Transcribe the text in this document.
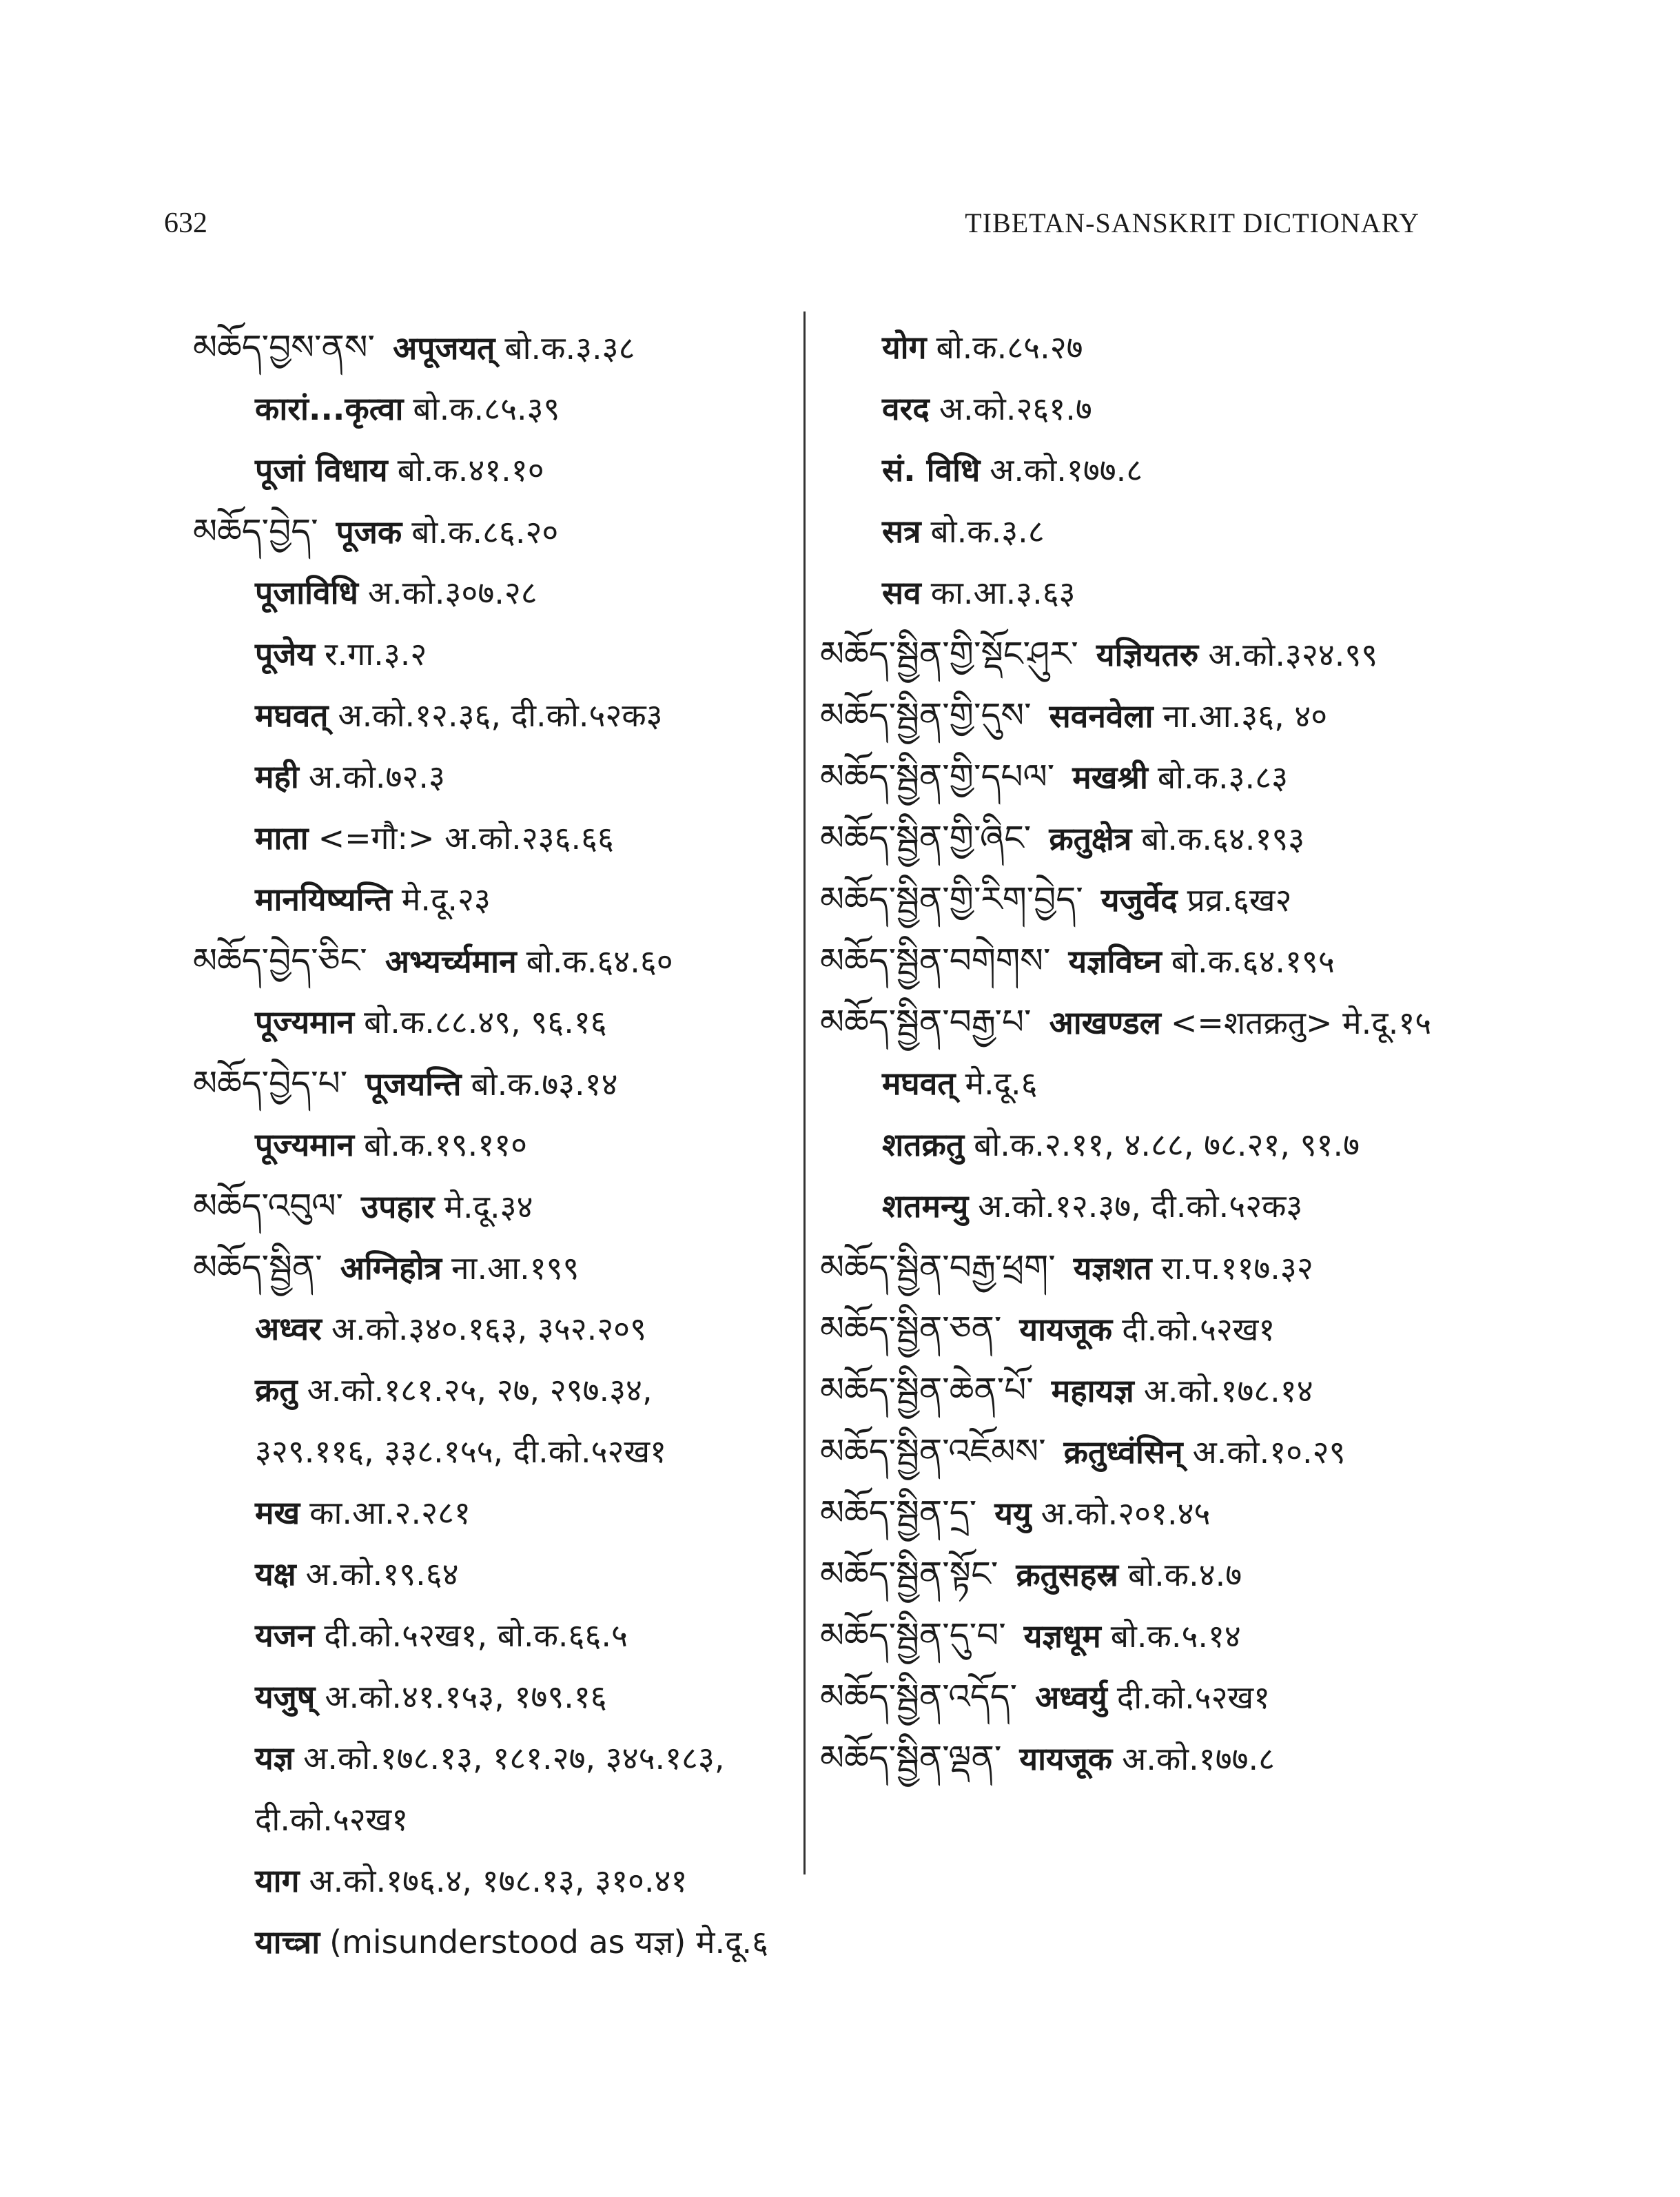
632	TIBETAN-SANSKRIT DICTIONARY
མཆོད་བྱས་ནས་ अपूजयत् बो.क.३.३८
कारां...कृत्वा बो.क.८५.३९
पूजां विधाय बो.क.४१.१०
མཆོད་བྱེད་ पूजक बो.क.८६.२०
पूजाविधि अ.को.३०७.२८
पूजेय र.गा.३.२
मघवत् अ.को.१२.३६, दी.को.५२क३
मही अ.को.७२.३
माता <=गौ:> अ.को.२३६.६६
मानयिष्यन्ति मे.दू.२३
མཆོད་བྱེད་ཅིང་ अभ्यर्च्यमान बो.क.६४.६०
पूज्यमान बो.क.८८.४९, ९६.१६
མཆོད་བྱེད་པ་ पूजयन्ति बो.क.७३.१४
पूज्यमान बो.क.१९.११०
མཆོད་འབུལ་ उपहार मे.दू.३४
མཆོད་སྦྱིན་ अग्निहोत्र ना.आ.१९९
अध्वर अ.को.३४०.१६३, ३५२.२०९
क्रतु अ.को.१८१.२५, २७, २९७.३४,
३२९.११६, ३३८.१५५, दी.को.५२ख१
मख का.आ.२.२८१
यक्ष अ.को.१९.६४
यजन दी.को.५२ख१, बो.क.६६.५
यजुष् अ.को.४१.१५३, १७९.१६
यज्ञ अ.को.१७८.१३, १८१.२७, ३४५.१८३,
दी.को.५२ख१
याग अ.को.१७६.४, १७८.१३, ३१०.४१
याच्त्रा (misunderstood as यज्ञ) मे.दू.६
योग बो.क.८५.२७
वरद अ.को.२६१.७
सं. विधि अ.को.१७७.८
सत्र बो.क.३.८
सव का.आ.३.६३
མཆོད་སྦྱིན་གྱི་སྡོང་ཤུར་ यज्ञियतरु अ.को.३२४.९९
མཆོད་སྦྱིན་གྱི་དུས་ सवनवेला ना.आ.३६, ४०
མཆོད་སྦྱིན་གྱི་དཔལ་ मखश्री बो.क.३.८३
མཆོད་སྦྱིན་གྱི་ཞིང་ क्रतुक्षेत्र बो.क.६४.१९३
མཆོད་སྦྱིན་གྱི་རིག་བྱེད་ यजुर्वेद प्रव्र.६ख२
མཆོད་སྦྱིན་བགེགས་ यज्ञविघ्न बो.क.६४.१९५
མཆོད་སྦྱིན་བརྒྱ་པ་ आखण्डल <=शतक्रतु> मे.दू.१५
मघवत् मे.दू.६
शतक्रतु बो.क.२.११, ४.८८, ७८.२१, ९१.७
शतमन्यु अ.को.१२.३७, दी.को.५२क३
མཆོད་སྦྱིན་བརྒྱ་ཕྲག་ यज्ञशत रा.प.११७.३२
མཆོད་སྦྱིན་ཅན་ यायजूक दी.को.५२ख१
མཆོད་སྦྱིན་ཆེན་པོ་ महायज्ञ अ.को.१७८.१४
མཆོད་སྦྱིན་འཇོམས་ क्रतुध्वंसिन् अ.को.१०.२९
མཆོད་སྦྱིན་དྲ་ ययु अ.को.२०१.४५
མཆོད་སྦྱིན་སྟོང་ क्रतुसहस्र बो.क.४.७
མཆོད་སྦྱིན་དུ་བ་ यज्ञधूम बो.क.५.१४
མཆོད་སྦྱིན་འདོད་ अध्वर्यु दी.को.५२ख१
མཆོད་སྦྱིན་ལྡན་ यायजूक अ.को.१७७.८
